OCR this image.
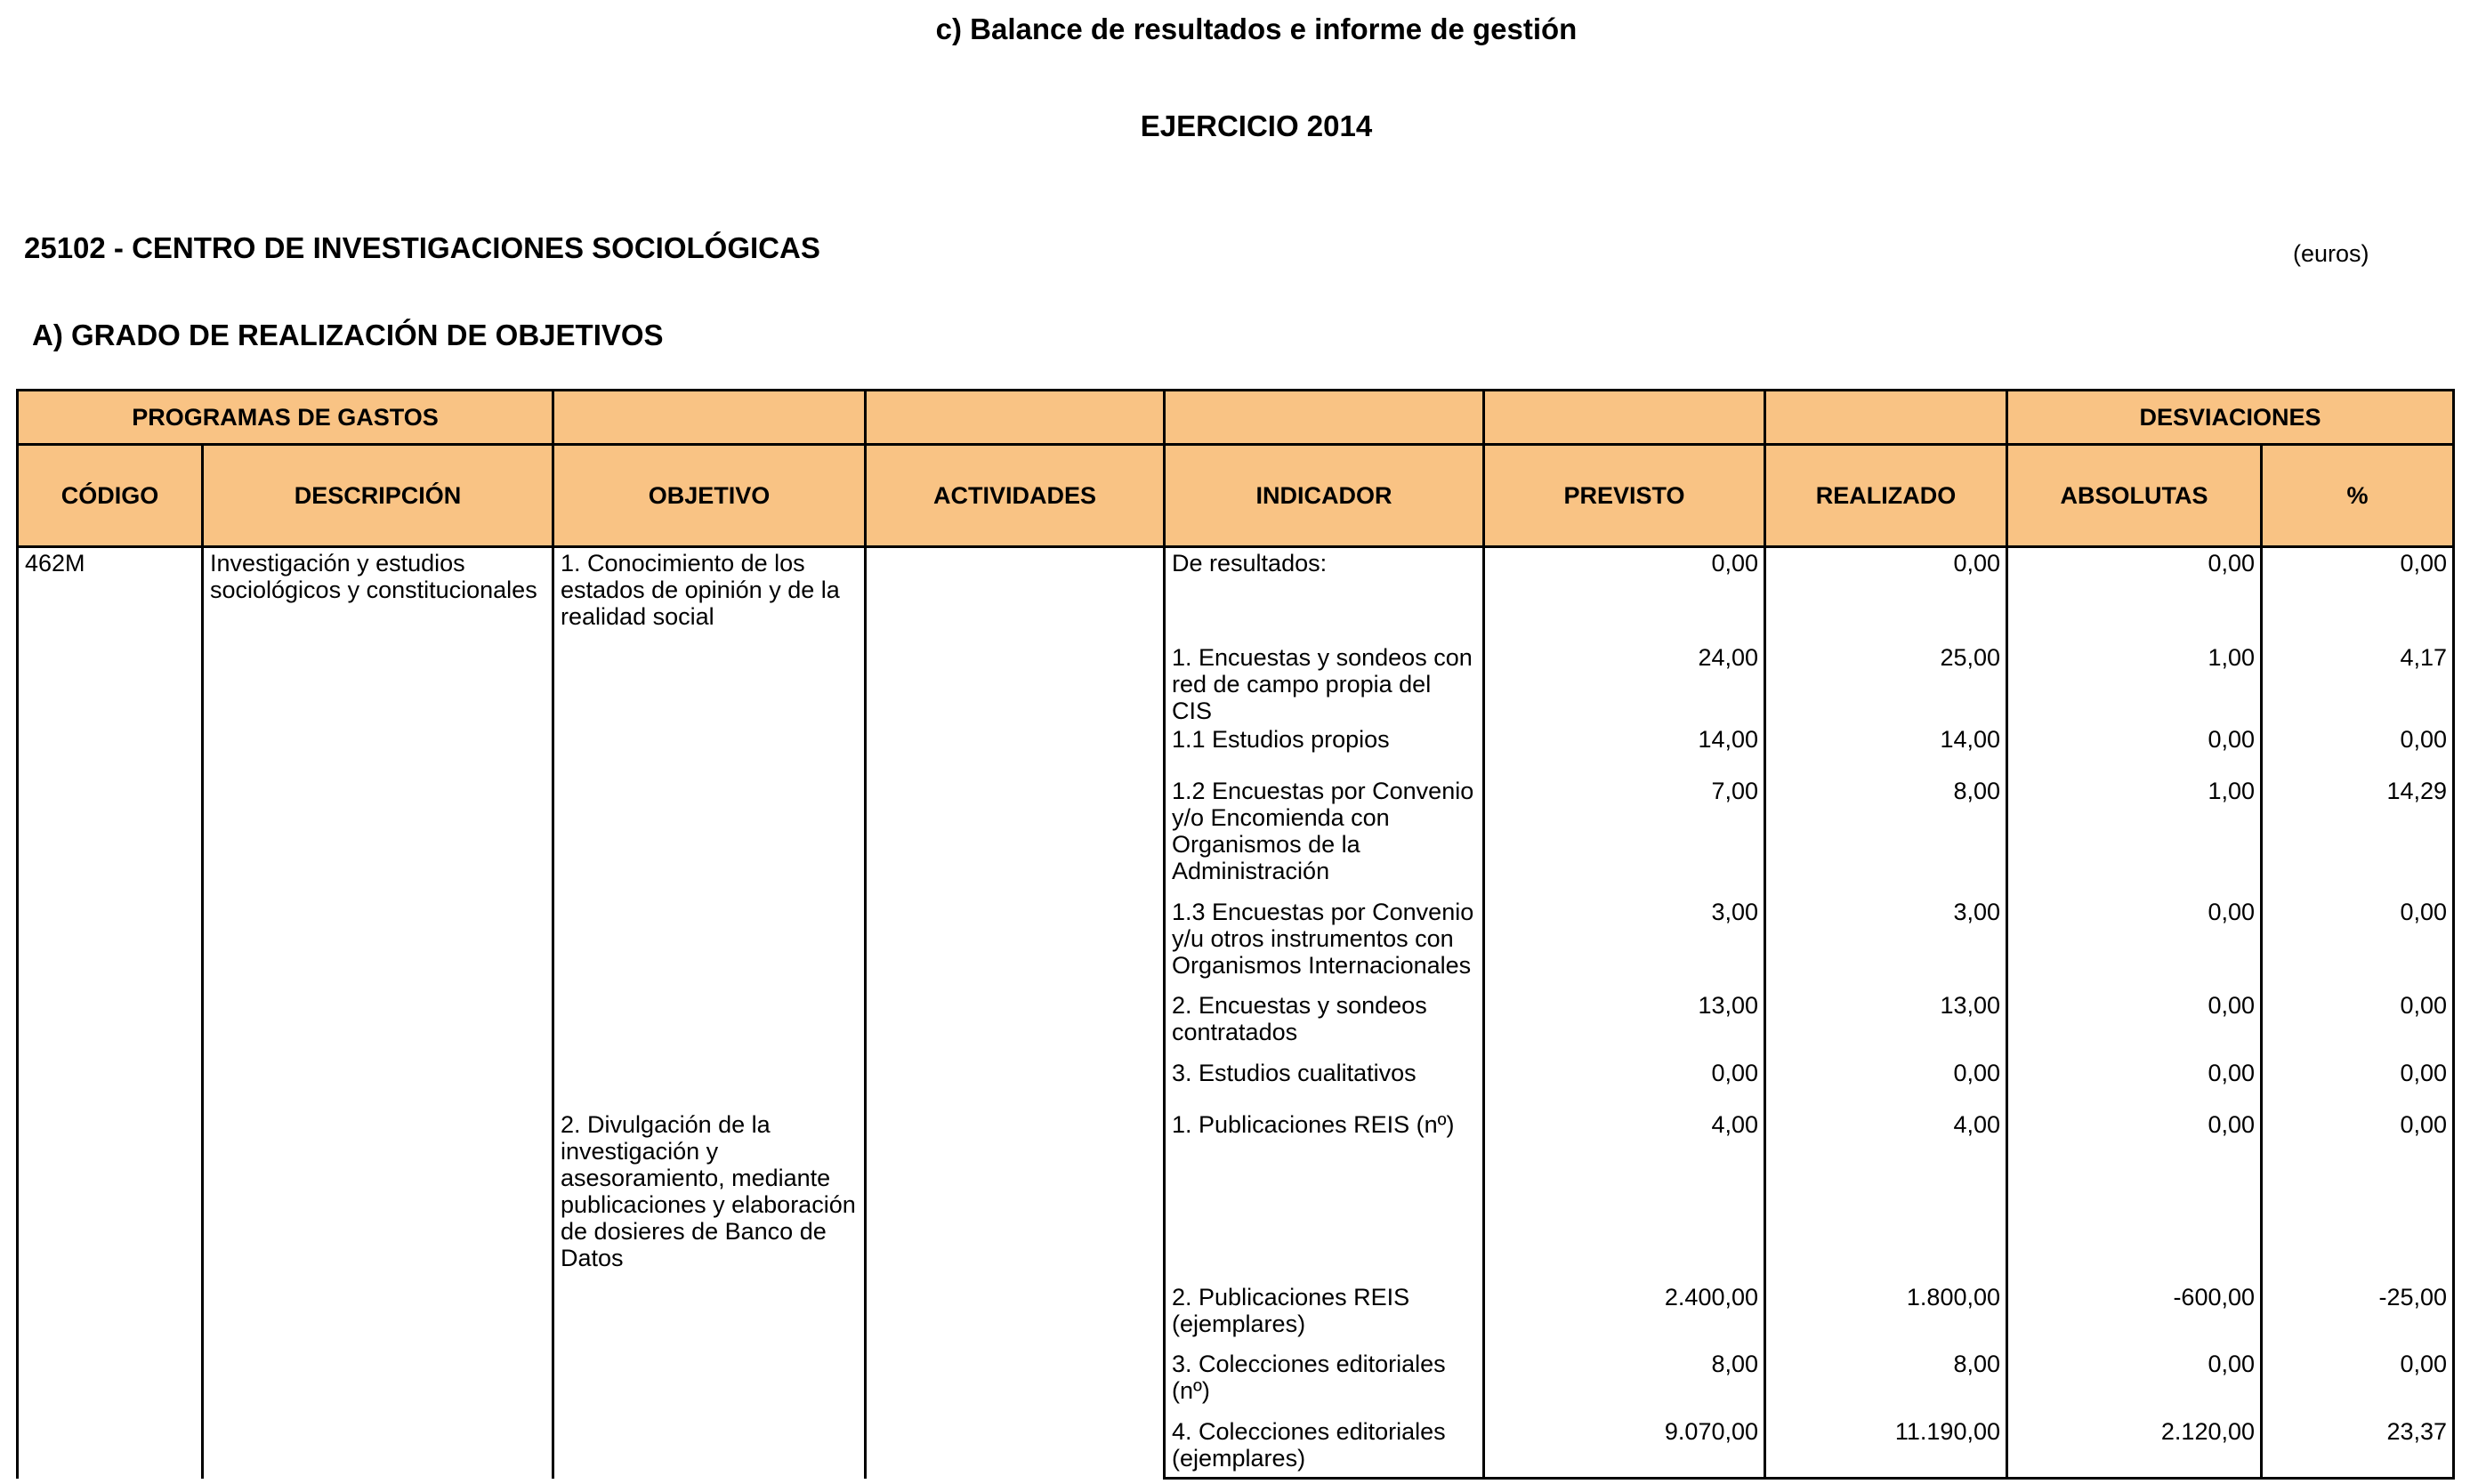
c) Balance de resultados e informe de gestión
EJERCICIO 2014
25102 - CENTRO DE INVESTIGACIONES SOCIOLÓGICAS	(euros)
A) GRADO DE REALIZACIÓN DE OBJETIVOS
PROGRAMAS DE GASTOS							DESVIACIONES	
CÓDIGO	DESCRIPCIÓN	OBJETIVO	ACTIVIDADES	INDICADOR	PREVISTO	REALIZADO	ABSOLUTAS	%
462M	Investigación y estudios sociológicos y constitucionales	1. Conocimiento de los estados de opinión y de la realidad social		De resultados:	0,00	0,00	0,00	0,00
				1. Encuestas y sondeos con red de campo propia del CIS	24,00	25,00	1,00	4,17
				1.1 Estudios propios	14,00	14,00	0,00	0,00
				1.2 Encuestas por Convenio y/o Encomienda con Organismos de la Administración	7,00	8,00	1,00	14,29
				1.3 Encuestas por Convenio y/u otros instrumentos con Organismos Internacionales	3,00	3,00	0,00	0,00
				2. Encuestas y sondeos contratados	13,00	13,00	0,00	0,00
				3. Estudios cualitativos	0,00	0,00	0,00	0,00
		2. Divulgación de la investigación y asesoramiento, mediante publicaciones y elaboración de dosieres de Banco de Datos		1. Publicaciones REIS (nº)	4,00	4,00	0,00	0,00
				2. Publicaciones REIS (ejemplares)	2.400,00	1.800,00	-600,00	-25,00
				3. Colecciones editoriales (nº)	8,00	8,00	0,00	0,00
				4. Colecciones editoriales (ejemplares)	9.070,00	11.190,00	2.120,00	23,37
